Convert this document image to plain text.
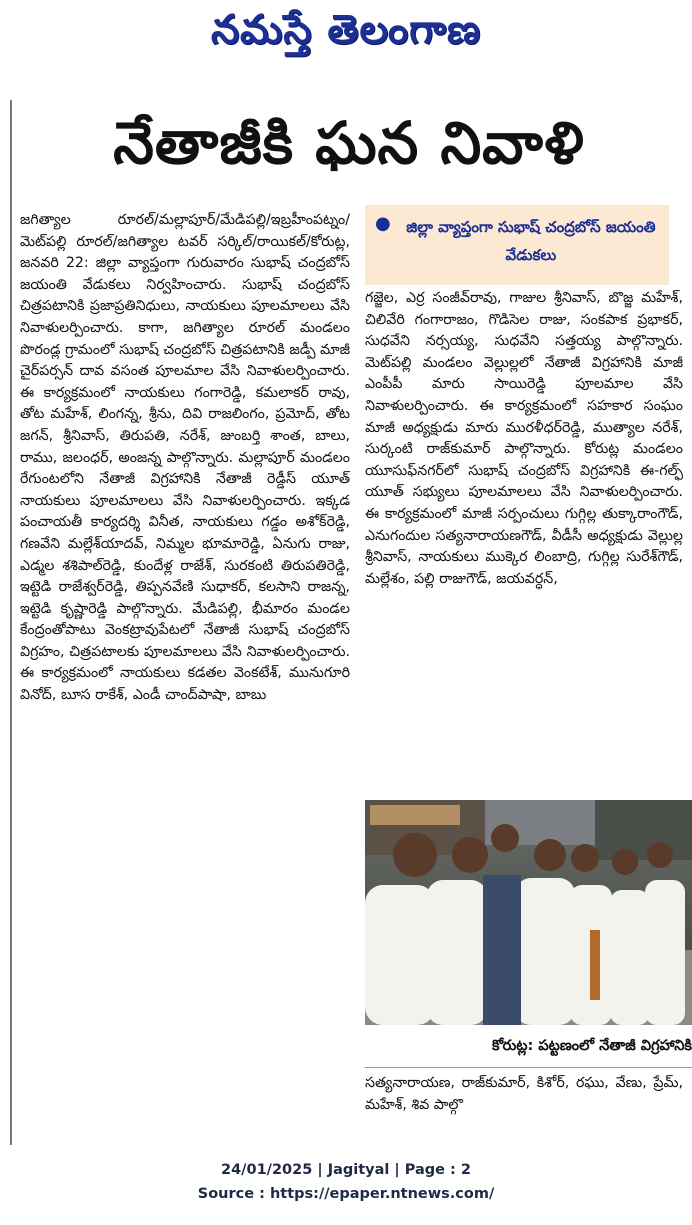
నమస్తే తెలంగాణ
నేతాజీకి ఘన నివాళి

జగిత్యాల రూరల్/మల్లాపూర్/మేడిపల్లి/ఇబ్రహీంపట్నం/మెట్‌పల్లి రూరల్/జగిత్యాల టవర్ సర్కిల్/రాయికల్/కోరుట్ల, జనవరి 22: జిల్లా వ్యాప్తంగా గురువారం సుభాష్ చంద్రబోస్ జయంతి వేడుకలు నిర్వహించారు. సుభాష్ చంద్రబోస్ చిత్రపటానికి ప్రజాప్రతినిధులు, నాయకులు పూలమాలలు వేసి నివాళులర్పించారు. కాగా, జగిత్యాల రూరల్ మండలం పొరండ్ల గ్రామంలో సుభాష్ చంద్రబోస్ చిత్రపటానికి జడ్పీ మాజీ చైర్‌పర్సన్ దావ వసంత పూలమాల వేసి నివాళులర్పించారు. ఈ కార్యక్రమంలో నాయకులు గంగారెడ్డి, కమలాకర్ రావు, తోట మహేశ్, లింగన్న, శ్రీను, దివి రాజలింగం, ప్రమోద్, తోట జగన్, శ్రీనివాస్, తిరుపతి, నరేశ్, జుంబర్తి శాంత, బాలు, రాము, జలంధర్, అంజన్న పాల్గొన్నారు. మల్లాపూర్ మండలం రేగుంటలోని నేతాజీ విగ్రహానికి నేతాజీ రెడ్డీస్ యూత్ నాయకులు పూలమాలలు వేసి నివాళులర్పించారు. ఇక్కడ పంచాయతీ కార్యదర్శి వినీత, నాయకులు గడ్డం అశోక్‌రెడ్డి, గణవేని మల్లేశ్‌యాదవ్, నిమ్మల భూమారెడ్డి, ఏనుగు రాజు, ఎడ్మల శశిపాల్‌రెడ్డి, కుందేళ్ల రాజేశ్, సురకంటి తిరుపతిరెడ్డి, ఇట్టెడి రాజేశ్వర్‌రెడ్డి, తిప్పనవేణి సుధాకర్, కలసాని రాజన్న, ఇట్టెడి కృష్ణారెడ్డి పాల్గొన్నారు. మేడిపల్లి, భీమారం మండల కేంద్రంతోపాటు వెంకట్రావుపేటలో నేతాజీ సుభాష్ చంద్రబోస్ విగ్రహం, చిత్రపటాలకు పూలమాలలు వేసి నివాళులర్పించారు. ఈ కార్యక్రమంలో నాయకులు కడతల వెంకటేశ్, మునుగూరి వినోద్, బూస రాకేశ్, ఎండీ చాంద్‌పాషా, బాబు

●	జిల్లా వ్యాప్తంగా సుభాష్ చంద్రబోస్ జయంతి వేడుకలు

గజ్జెల, ఎర్ర సంజీవ్‌రావు, గాజుల శ్రీనివాస్, బొజ్జ మహేశ్, చిలివేరి గంగారాజం, గొడిసెల రాజు, సంకపాక ప్రభాకర్, సుధవేని నర్సయ్య, సుధవేని సత్తయ్య పాల్గొన్నారు. మెట్‌పల్లి మండలం వెల్లుల్లలో నేతాజీ విగ్రహానికి మాజీ ఎంపీపీ మారు సాయిరెడ్డి పూలమాల వేసి నివాళులర్పించారు. ఈ కార్యక్రమంలో సహకార సంఘం మాజీ అధ్యక్షుడు మారు మురళీధర్‌రెడ్డి, ముత్యాల నరేశ్, సుర్కంటి రాజ్‌కుమార్ పాల్గొన్నారు. కోరుట్ల మండలం యూసుఫ్‌నగర్‌లో సుభాష్ చంద్రబోస్ విగ్రహానికి ఈ-గల్ఫ్ యూత్ సభ్యులు పూలమాలలు వేసి నివాళులర్పించారు. ఈ కార్యక్రమంలో మాజీ సర్పంచులు గుగ్గిల్ల తుక్కారాంగౌడ్, ఎనుగందుల సత్యనారాయణగౌడ్, వీడీసీ అధ్యక్షుడు వెల్లుల్ల శ్రీనివాస్, నాయకులు ముక్కెర లింబాద్రి, గుగ్గిల్ల సురేశ్‌గౌడ్, మల్లేశం, పల్లి రాజుగౌడ్, జయవర్ధన్,

కోరుట్ల: పట్టణంలో నేతాజీ విగ్రహానికి

సత్యనారాయణ, రాజ్‌కుమార్, కిశోర్, రఘు, వేణు, ప్రేమ్, మహేశ్, శివ పాల్గొ

24/01/2025 | Jagityal | Page : 2
Source : https://epaper.ntnews.com/
